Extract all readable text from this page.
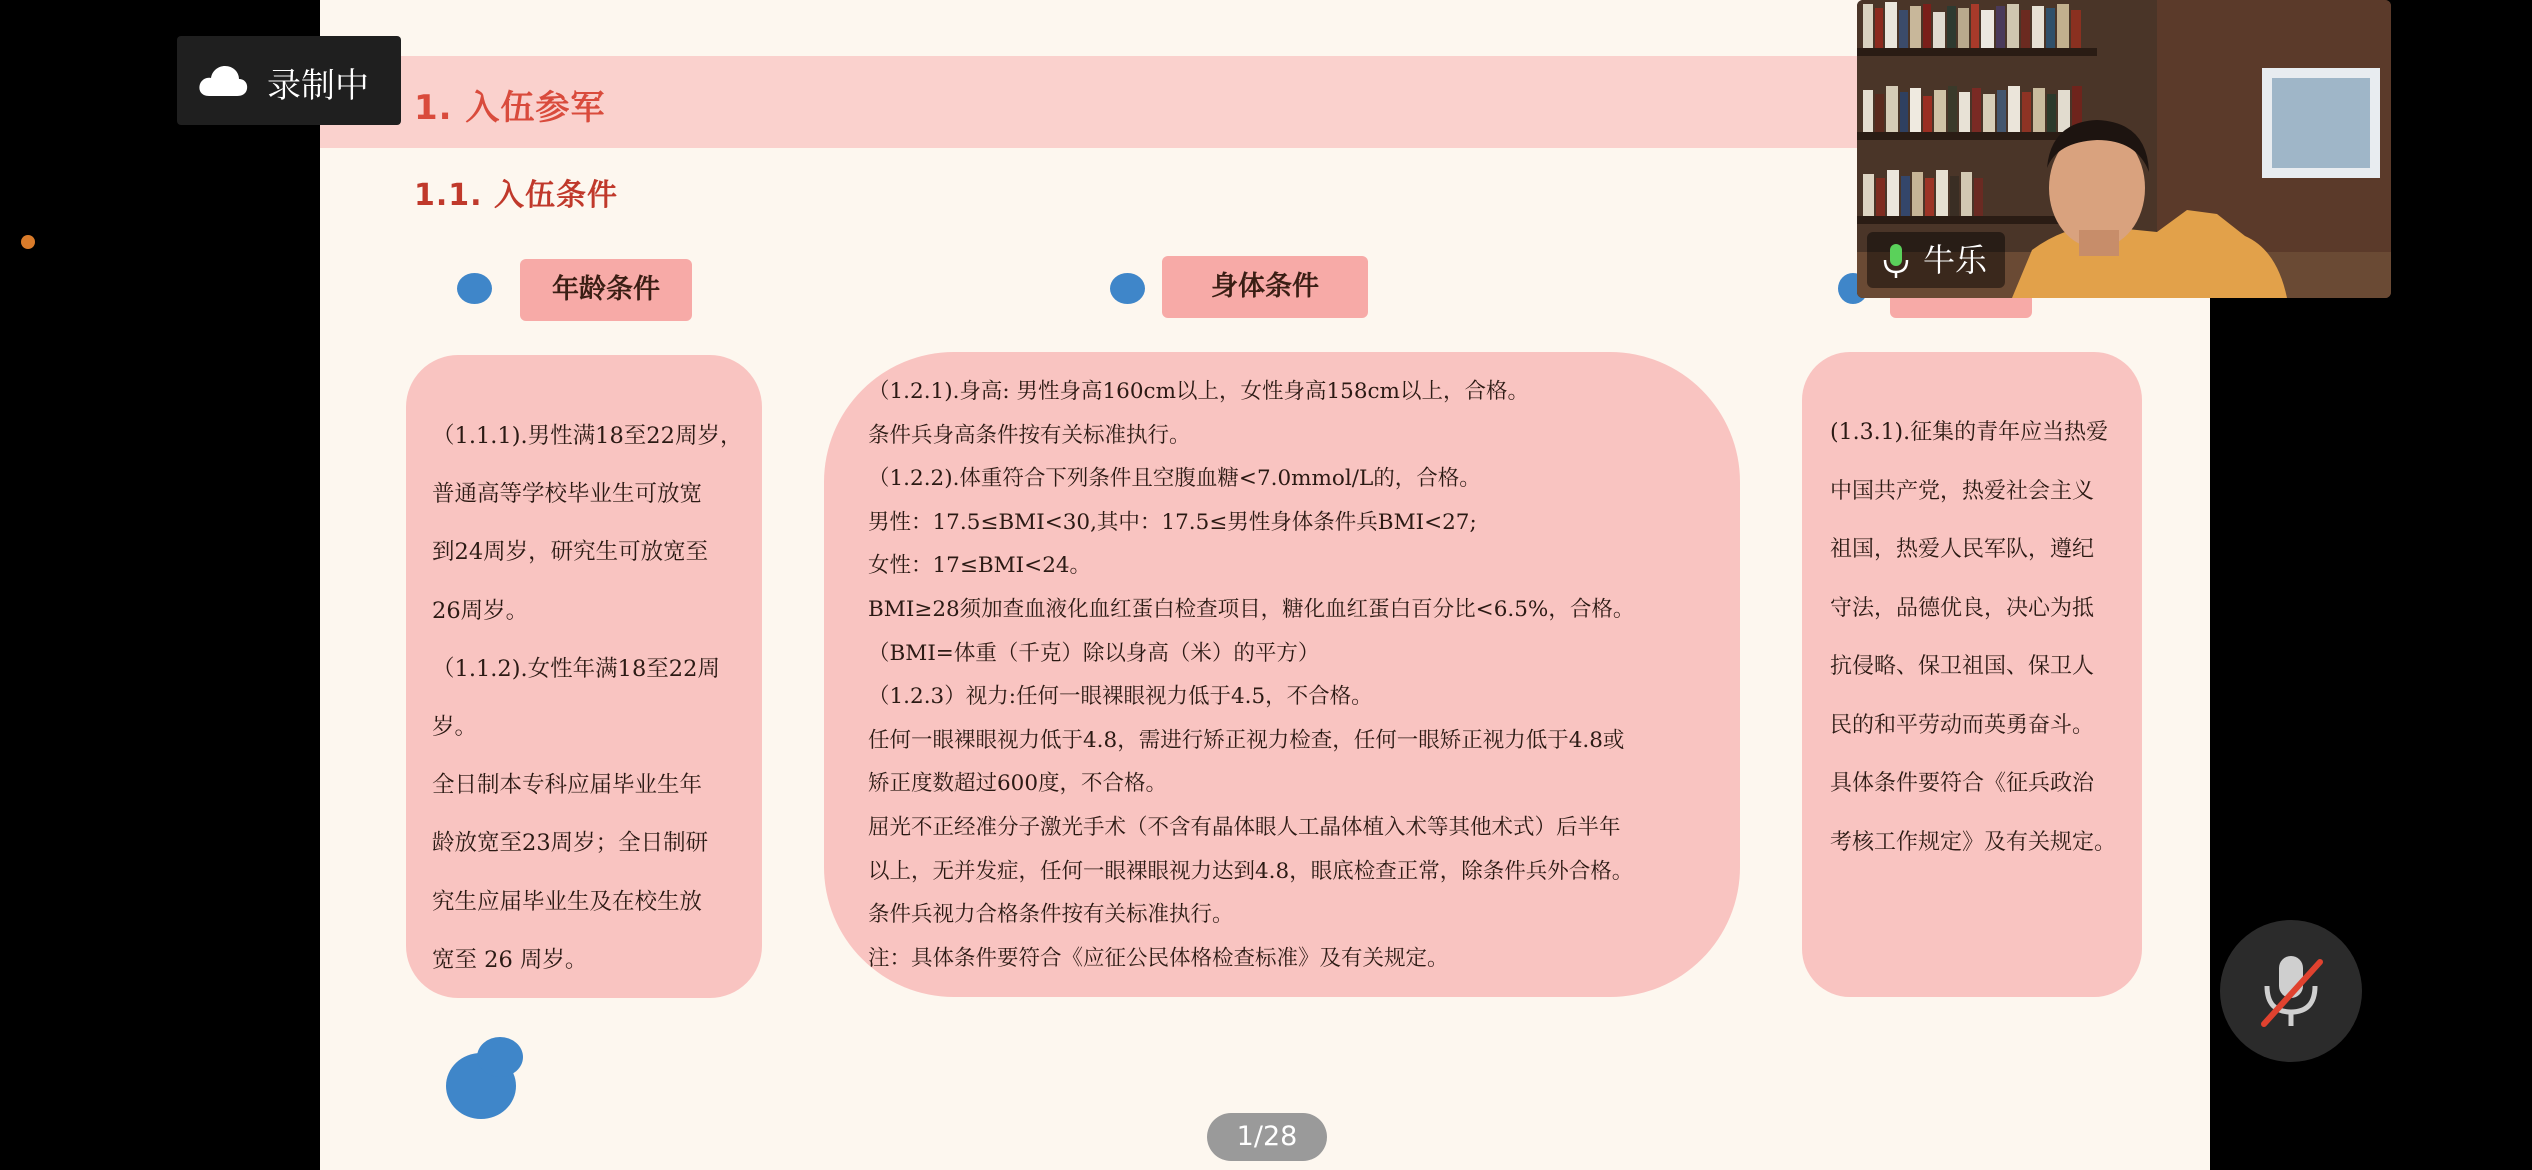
1. 入伍参军
1.1. 入伍条件
年龄条件	身体条件

（1.1.1).男性满18至22周岁，

普通高等学校毕业生可放宽

到24周岁，研究生可放宽至

26周岁。

（1.1.2).女性年满18至22周岁。

全日制本专科应届毕业生年

龄放宽至23周岁；全日制研

究生应届毕业生及在校生放

宽至 26 周岁。

（1.2.1).身高: 男性身高160cm以上，女性身高158cm以上，合格。

条件兵身高条件按有关标准执行。

（1.2.2).体重符合下列条件且空腹血糖<7.0mmol/L的，合格。

男性：17.5≤BMI<30,其中：17.5≤男性身体条件兵BMI<27;

女性：17≤BMI<24。

BMI≥28须加查血液化血红蛋白检查项目，糖化血红蛋白百分比<6.5%，合格。

（BMI=体重（千克）除以身高（米）的平方）

（1.2.3）视力:任何一眼裸眼视力低于4.5，不合格。

任何一眼裸眼视力低于4.8，需进行矫正视力检查，任何一眼矫正视力低于4.8或

矫正度数超过600度，不合格。

屈光不正经准分子激光手术（不含有晶体眼人工晶体植入术等其他术式）后半年

以上，无并发症，任何一眼裸眼视力达到4.8，眼底检查正常，除条件兵外合格。

条件兵视力合格条件按有关标准执行。

注：具体条件要符合《应征公民体格检查标准》及有关规定。

(1.3.1).征集的青年应当热爱

中国共产党，热爱社会主义

祖国，热爱人民军队，遵纪

守法，品德优良，决心为抵

抗侵略、保卫祖国、保卫人

民的和平劳动而英勇奋斗。

具体条件要符合《征兵政治

考核工作规定》及有关规定。

录制中
牛乐
1/28
